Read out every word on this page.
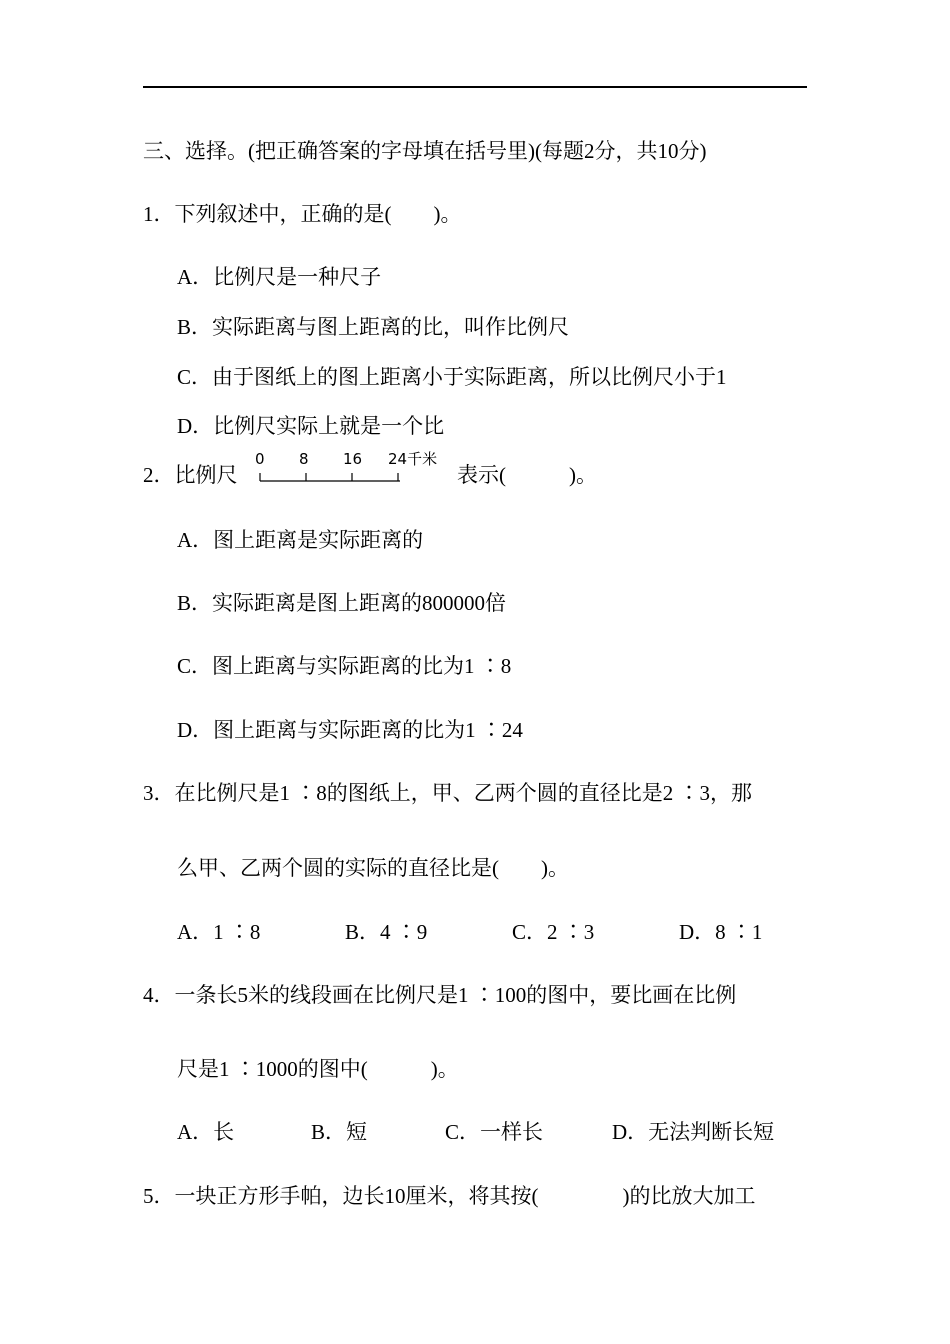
三、选择。(把正确答案的字母填在括号里)(每题2分，共10分)
1．下列叙述中，正确的是(　　)。
A．比例尺是一种尺子
B．实际距离与图上距离的比，叫作比例尺
C．由于图纸上的图上距离小于实际距离，所以比例尺小于1
D．比例尺实际上就是一个比
2．比例尺
0 8 16 24千米
表示(　　　)。
A．图上距离是实际距离的
B．实际距离是图上距离的800000倍
C．图上距离与实际距离的比为1 ∶8
D．图上距离与实际距离的比为1 ∶24
3．在比例尺是1 ∶8的图纸上，甲、乙两个圆的直径比是2 ∶3，那
么甲、乙两个圆的实际的直径比是(　　)。
A．1 ∶8	B．4 ∶9	C．2 ∶3	D．8 ∶1
4．一条长5米的线段画在比例尺是1 ∶100的图中，要比画在比例
尺是1 ∶1000的图中(　　　)。
A．长	B．短	C．一样长	D．无法判断长短
5．一块正方形手帕，边长10厘米，将其按(　　　　)的比放大加工
